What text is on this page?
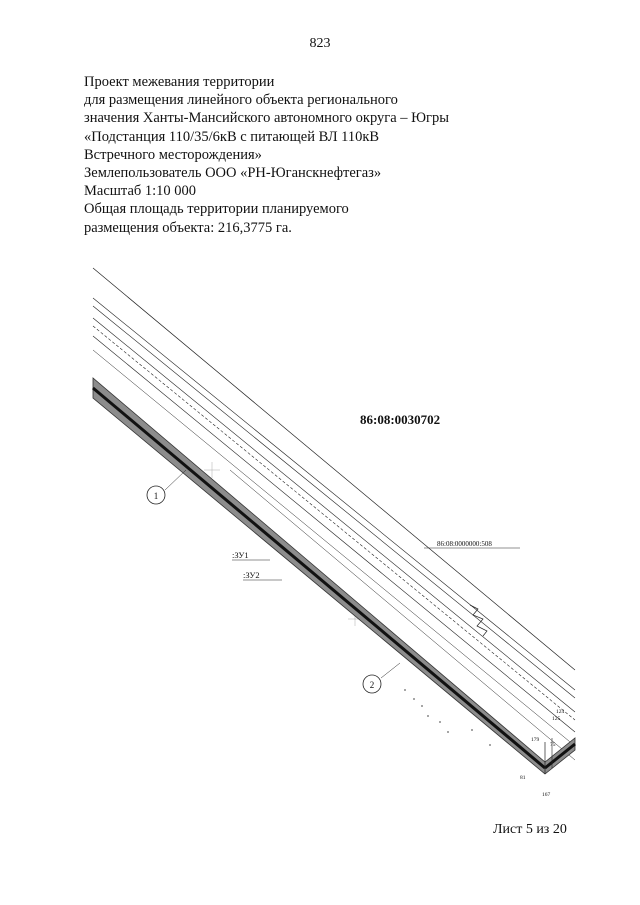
823
Проект межевания территории
для размещения линейного объекта регионального
значения Ханты-Мансийского автономного округа – Югры
«Подстанция 110/35/6кВ с питающей ВЛ 110кВ
Встречного месторождения»
Землепользователь ООО «РН-Юганскнефтегаз»
Масштаб 1:10 000
Общая площадь территории планируемого
размещения объекта: 216,3775 га.
86:08:0030702
86:08:0000000:508
1
2
:ЗУ1
:ЗУ2
124
125
179
75
81
167
Лист 5 из 20
